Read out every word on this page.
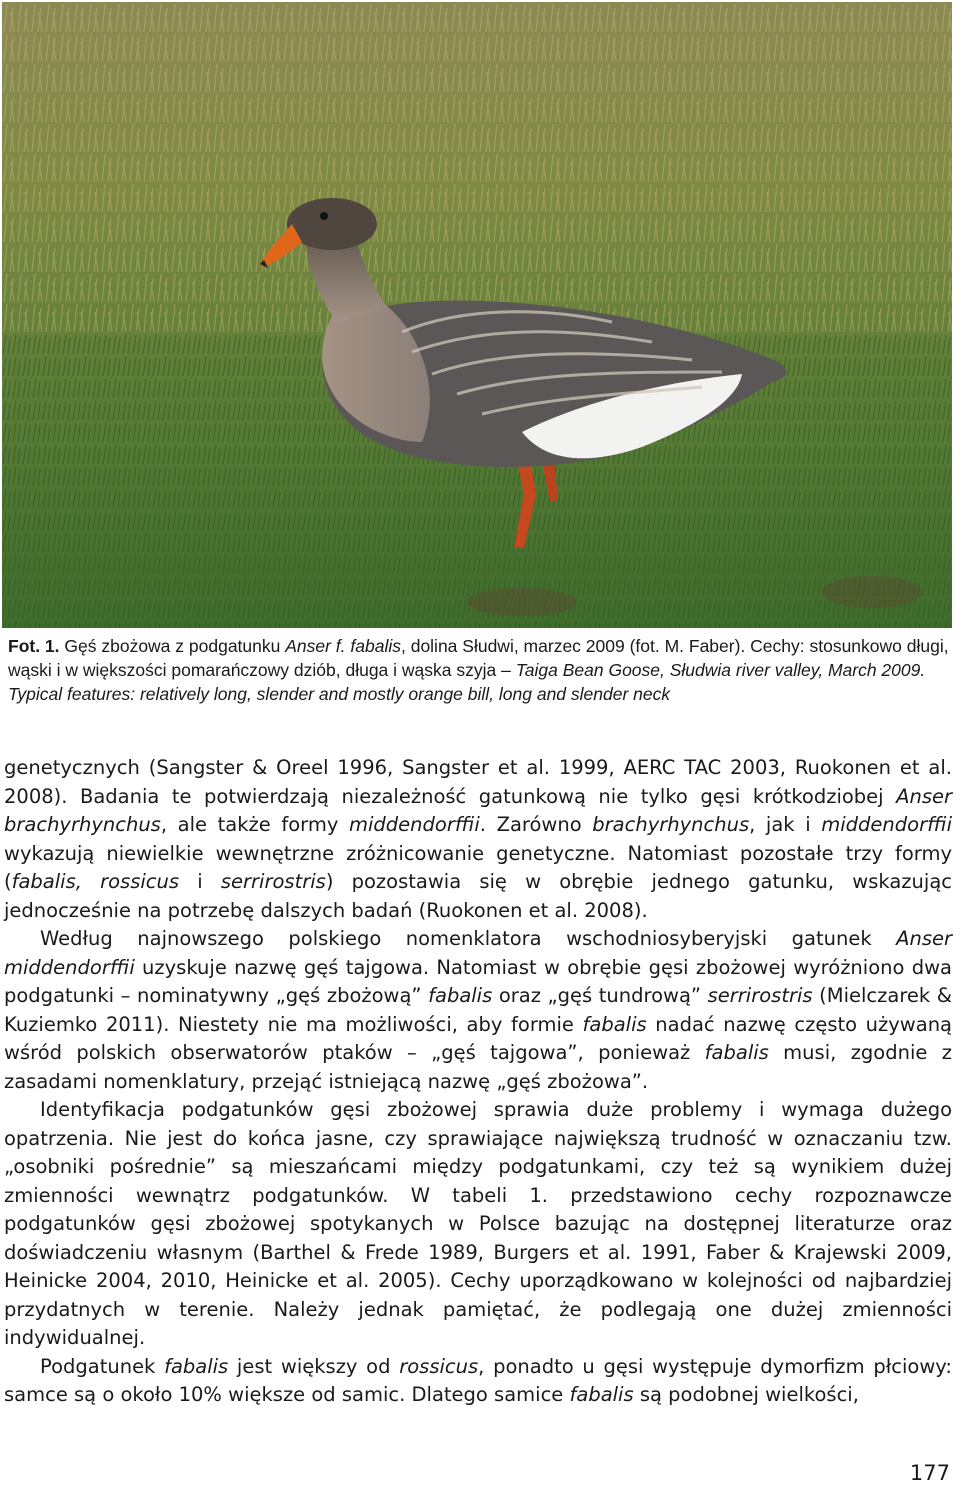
Fot. 1. Gęś zbożowa z podgatunku Anser f. fabalis, dolina Słudwi, marzec 2009 (fot. M. Faber). Cechy: stosunkowo długi, wąski i w większości pomarańczowy dziób, długa i wąska szyja – Taiga Bean Goose, Słudwia river valley, March 2009. Typical features: relatively long, slender and mostly orange bill, long and slender neck

genetycznych (Sangster & Oreel 1996, Sangster et al. 1999, AERC TAC 2003, Ruokonen et al. 2008). Badania te potwierdzają niezależność gatunkową nie tylko gęsi krótkodziobej Anser brachyrhynchus, ale także formy middendorffii. Zarówno brachyrhynchus, jak i middendorffii wykazują niewielkie wewnętrzne zróżnicowanie genetyczne. Natomiast pozostałe trzy formy (fabalis, rossicus i serrirostris) pozostawia się w obrębie jednego gatunku, wskazując jednocześnie na potrzebę dalszych badań (Ruokonen et al. 2008).

Według najnowszego polskiego nomenklatora wschodniosyberyjski gatunek Anser middendorffii uzyskuje nazwę gęś tajgowa. Natomiast w obrębie gęsi zbożowej wyróżniono dwa podgatunki – nominatywny „gęś zbożową” fabalis oraz „gęś tundrową” serrirostris (Mielczarek & Kuziemko 2011). Niestety nie ma możliwości, aby formie fabalis nadać nazwę często używaną wśród polskich obserwatorów ptaków – „gęś tajgowa”, ponieważ fabalis musi, zgodnie z zasadami nomenklatury, przejąć istniejącą nazwę „gęś zbożowa”.

Identyfikacja podgatunków gęsi zbożowej sprawia duże problemy i wymaga dużego opatrzenia. Nie jest do końca jasne, czy sprawiające największą trudność w oznaczaniu tzw. „osobniki pośrednie” są mieszańcami między podgatunkami, czy też są wynikiem dużej zmienności wewnątrz podgatunków. W tabeli 1. przedstawiono cechy rozpoznawcze podgatunków gęsi zbożowej spotykanych w Polsce bazując na dostępnej literaturze oraz doświadczeniu własnym (Barthel & Frede 1989, Burgers et al. 1991, Faber & Krajewski 2009, Heinicke 2004, 2010, Heinicke et al. 2005). Cechy uporządkowano w kolejności od najbardziej przydatnych w terenie. Należy jednak pamiętać, że podlegają one dużej zmienności indywidualnej.

Podgatunek fabalis jest większy od rossicus, ponadto u gęsi występuje dymorfizm płciowy: samce są o około 10% większe od samic. Dlatego samice fabalis są podobnej wielkości,

177
